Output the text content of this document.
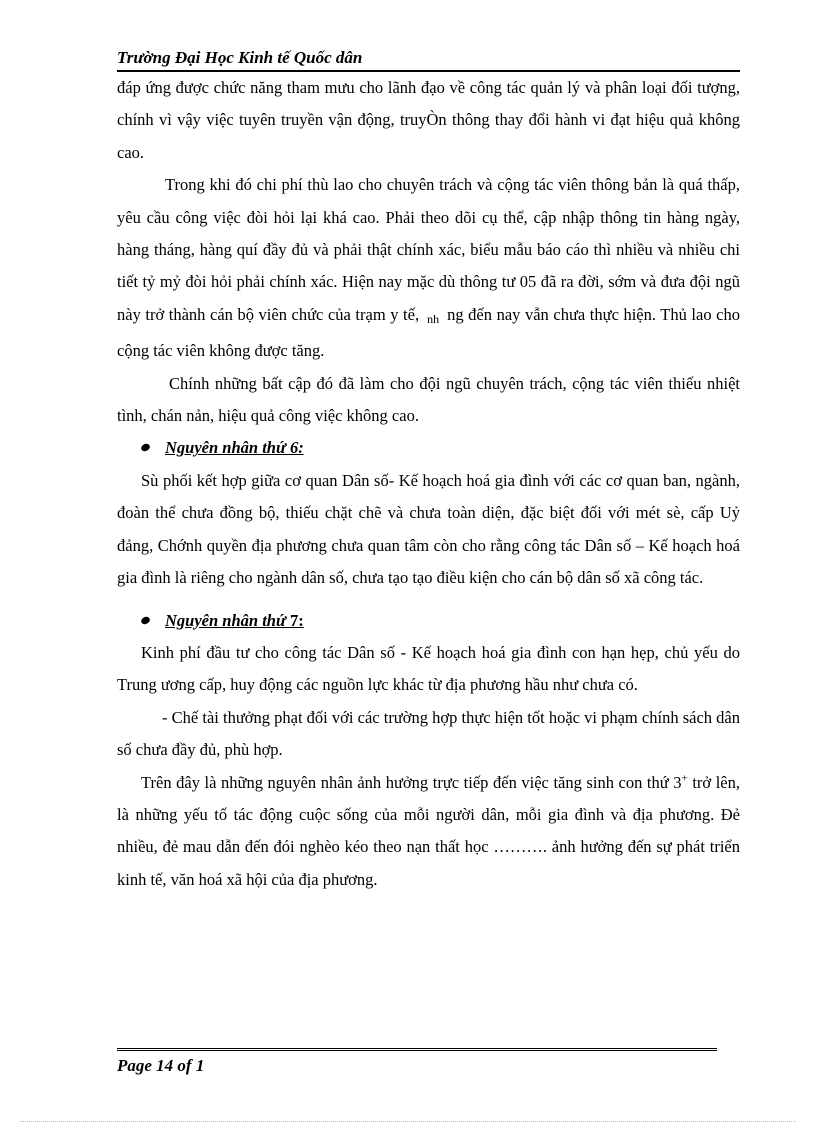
Trường Đại Học Kinh tế Quốc dân

đáp ứng được chức năng tham mưu cho lãnh đạo về công tác quản lý và phân loại đối tượng, chính vì vậy việc tuyên truyền vận động, truyÒn thông thay đổi hành vi đạt hiệu quả không cao.

Trong khi đó chi phí thù lao cho chuyên trách và cộng tác viên thông bản là quá thấp, yêu cầu công việc đòi hỏi lại khá cao. Phải theo dõi cụ thể, cập nhập thông tin hàng ngày, hàng tháng, hàng quí đầy đủ và phải thật chính xác, biểu mẫu báo cáo thì nhiều và nhiều chi tiết tỷ mỷ đòi hỏi phải chính xác. Hiện nay mặc dù thông tư 05 đã ra đời, sớm và đưa đội ngũ này trở thành cán bộ viên chức của trạm y tế, $_{nh}$ ng đến nay vẫn chưa thực hiện. Thủ lao cho cộng tác viên không được tăng.

Chính những bất cập đó đã làm cho đội ngũ chuyên trách, cộng tác viên thiếu nhiệt tình, chán nản, hiệu quả công việc không cao.

Nguyên nhân thứ 6:

Sù phối kết hợp giữa cơ quan Dân số- Kế hoạch hoá gia đình với các cơ quan ban, ngành, đoàn thể chưa đồng bộ, thiếu chặt chẽ và chưa toàn diện, đặc biệt đối với mét sè, cấp Uỷ đảng, Chớnh quyền địa phương chưa quan tâm còn cho rằng công tác Dân số – Kế hoạch hoá gia đình là riêng cho ngành dân số, chưa tạo tạo điều kiện cho cán bộ dân số xã công tác.

Nguyên nhân thứ 7:

Kinh phí đầu tư cho công tác Dân số - Kế hoạch hoá gia đình con hạn hẹp, chủ yếu do Trung ương cấp, huy động các nguồn lực khác từ địa phương hầu như chưa có.

- Chế tài thưởng phạt đối với các trường hợp thực hiện tốt hoặc vi phạm chính sách dân số chưa đầy đủ, phù hợp.

Trên đây là những nguyên nhân ảnh hưởng trực tiếp đến việc tăng sinh con thứ 3+ trở lên, là những yếu tố tác động cuộc sống của mỗi người dân, mỗi gia đình và địa phương. Đẻ nhiều, đẻ mau dẫn đến đói nghèo kéo theo nạn thất học ………. ảnh hưởng đến sự phát triển kinh tế, văn hoá xã hội của địa phương.

Page 14 of 1
